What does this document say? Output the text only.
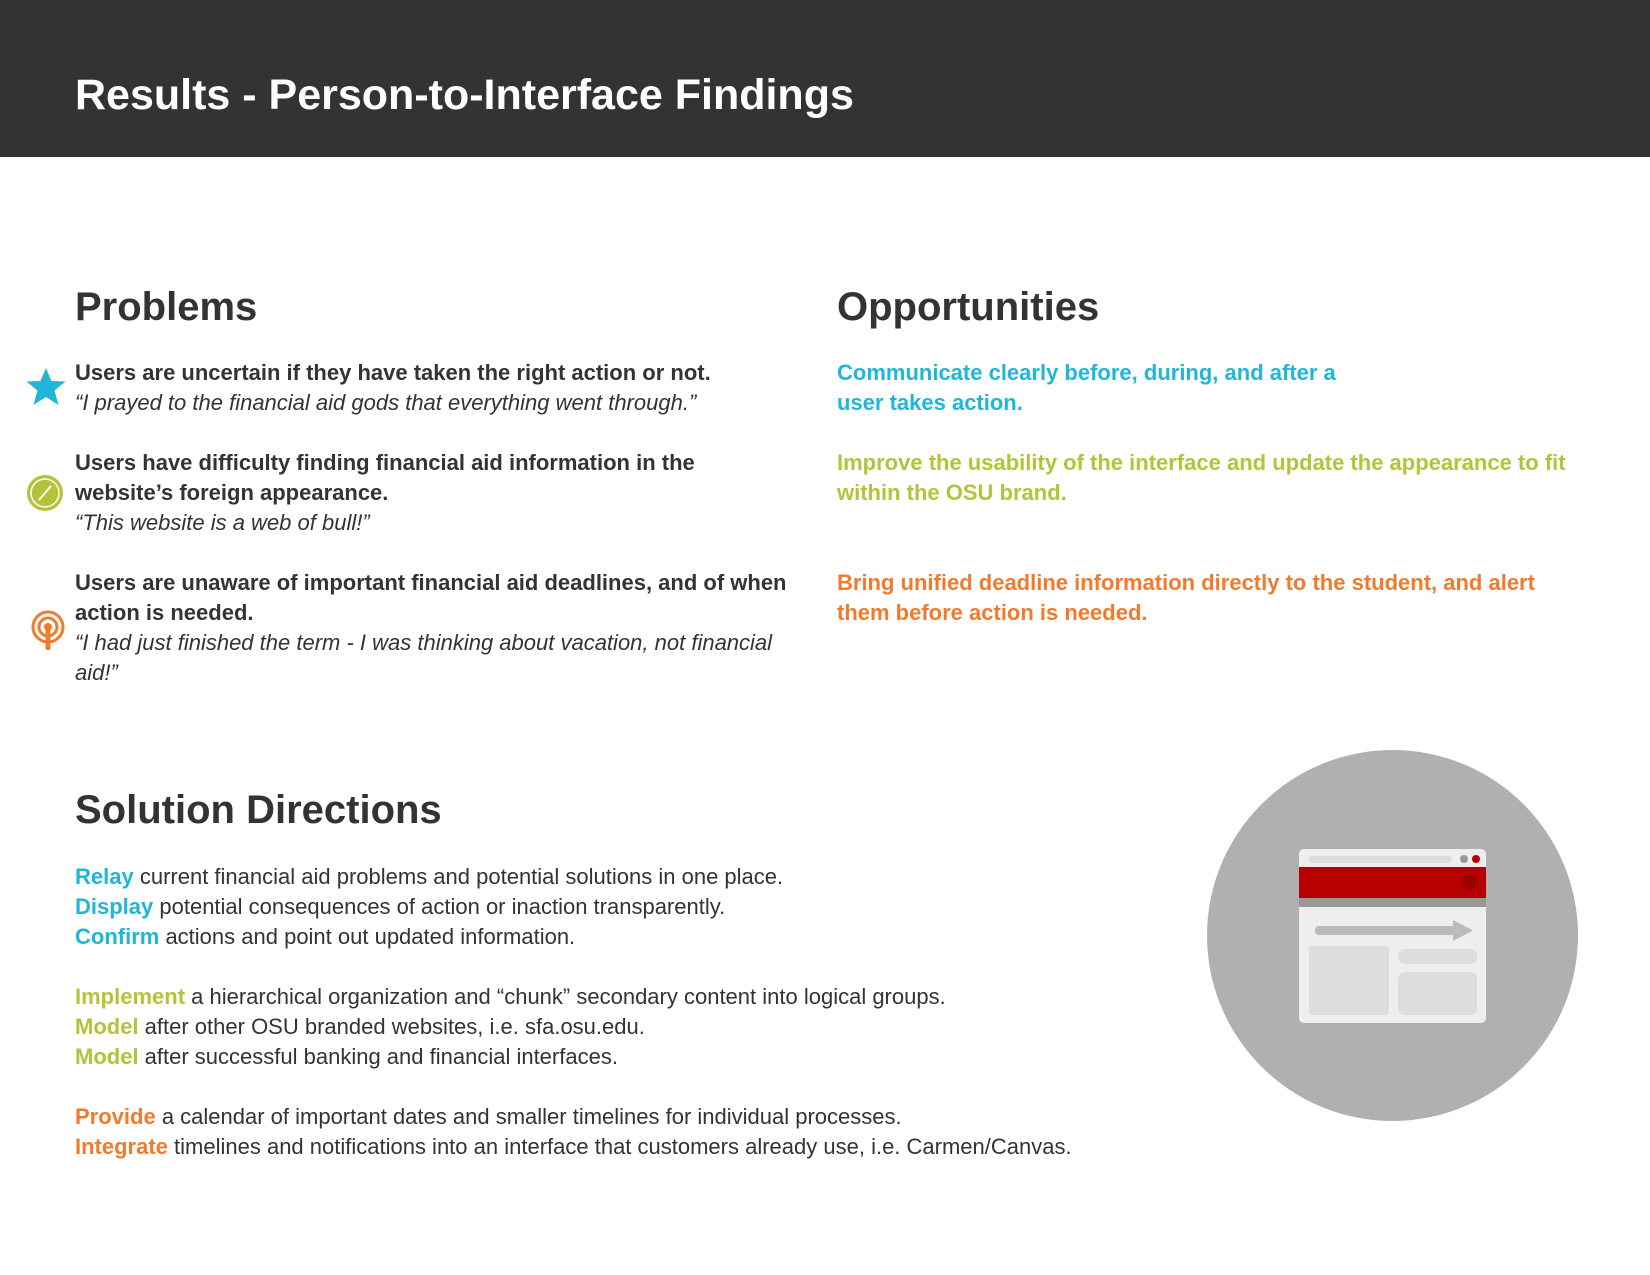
Results - Person-to-Interface Findings
Problems
Users are uncertain if they have taken the right action or not.
“I prayed to the financial aid gods that everything went through.”
Users have difficulty finding financial aid information in the website’s foreign appearance.
“This website is a web of bull!”
Users are unaware of important financial aid deadlines, and of when action is needed.
“I had just finished the term - I was thinking about vacation, not financial aid!”
Opportunities

Communicate clearly before, during, and after a user takes action.

Improve the usability of the interface and update the appearance to fit within the OSU brand.

Bring unified deadline information directly to the student, and alert them before action is needed.

Solution Directions

Relay current financial aid problems and potential solutions in one place.

Display potential consequences of action or inaction transparently.

Confirm actions and point out updated information.

Implement a hierarchical organization and “chunk” secondary content into logical groups.

Model after other OSU branded websites, i.e. sfa.osu.edu.

Model after successful banking and financial interfaces.

Provide a calendar of important dates and smaller timelines for individual processes.

Integrate timelines and notifications into an interface that customers already use, i.e. Carmen/Canvas.
